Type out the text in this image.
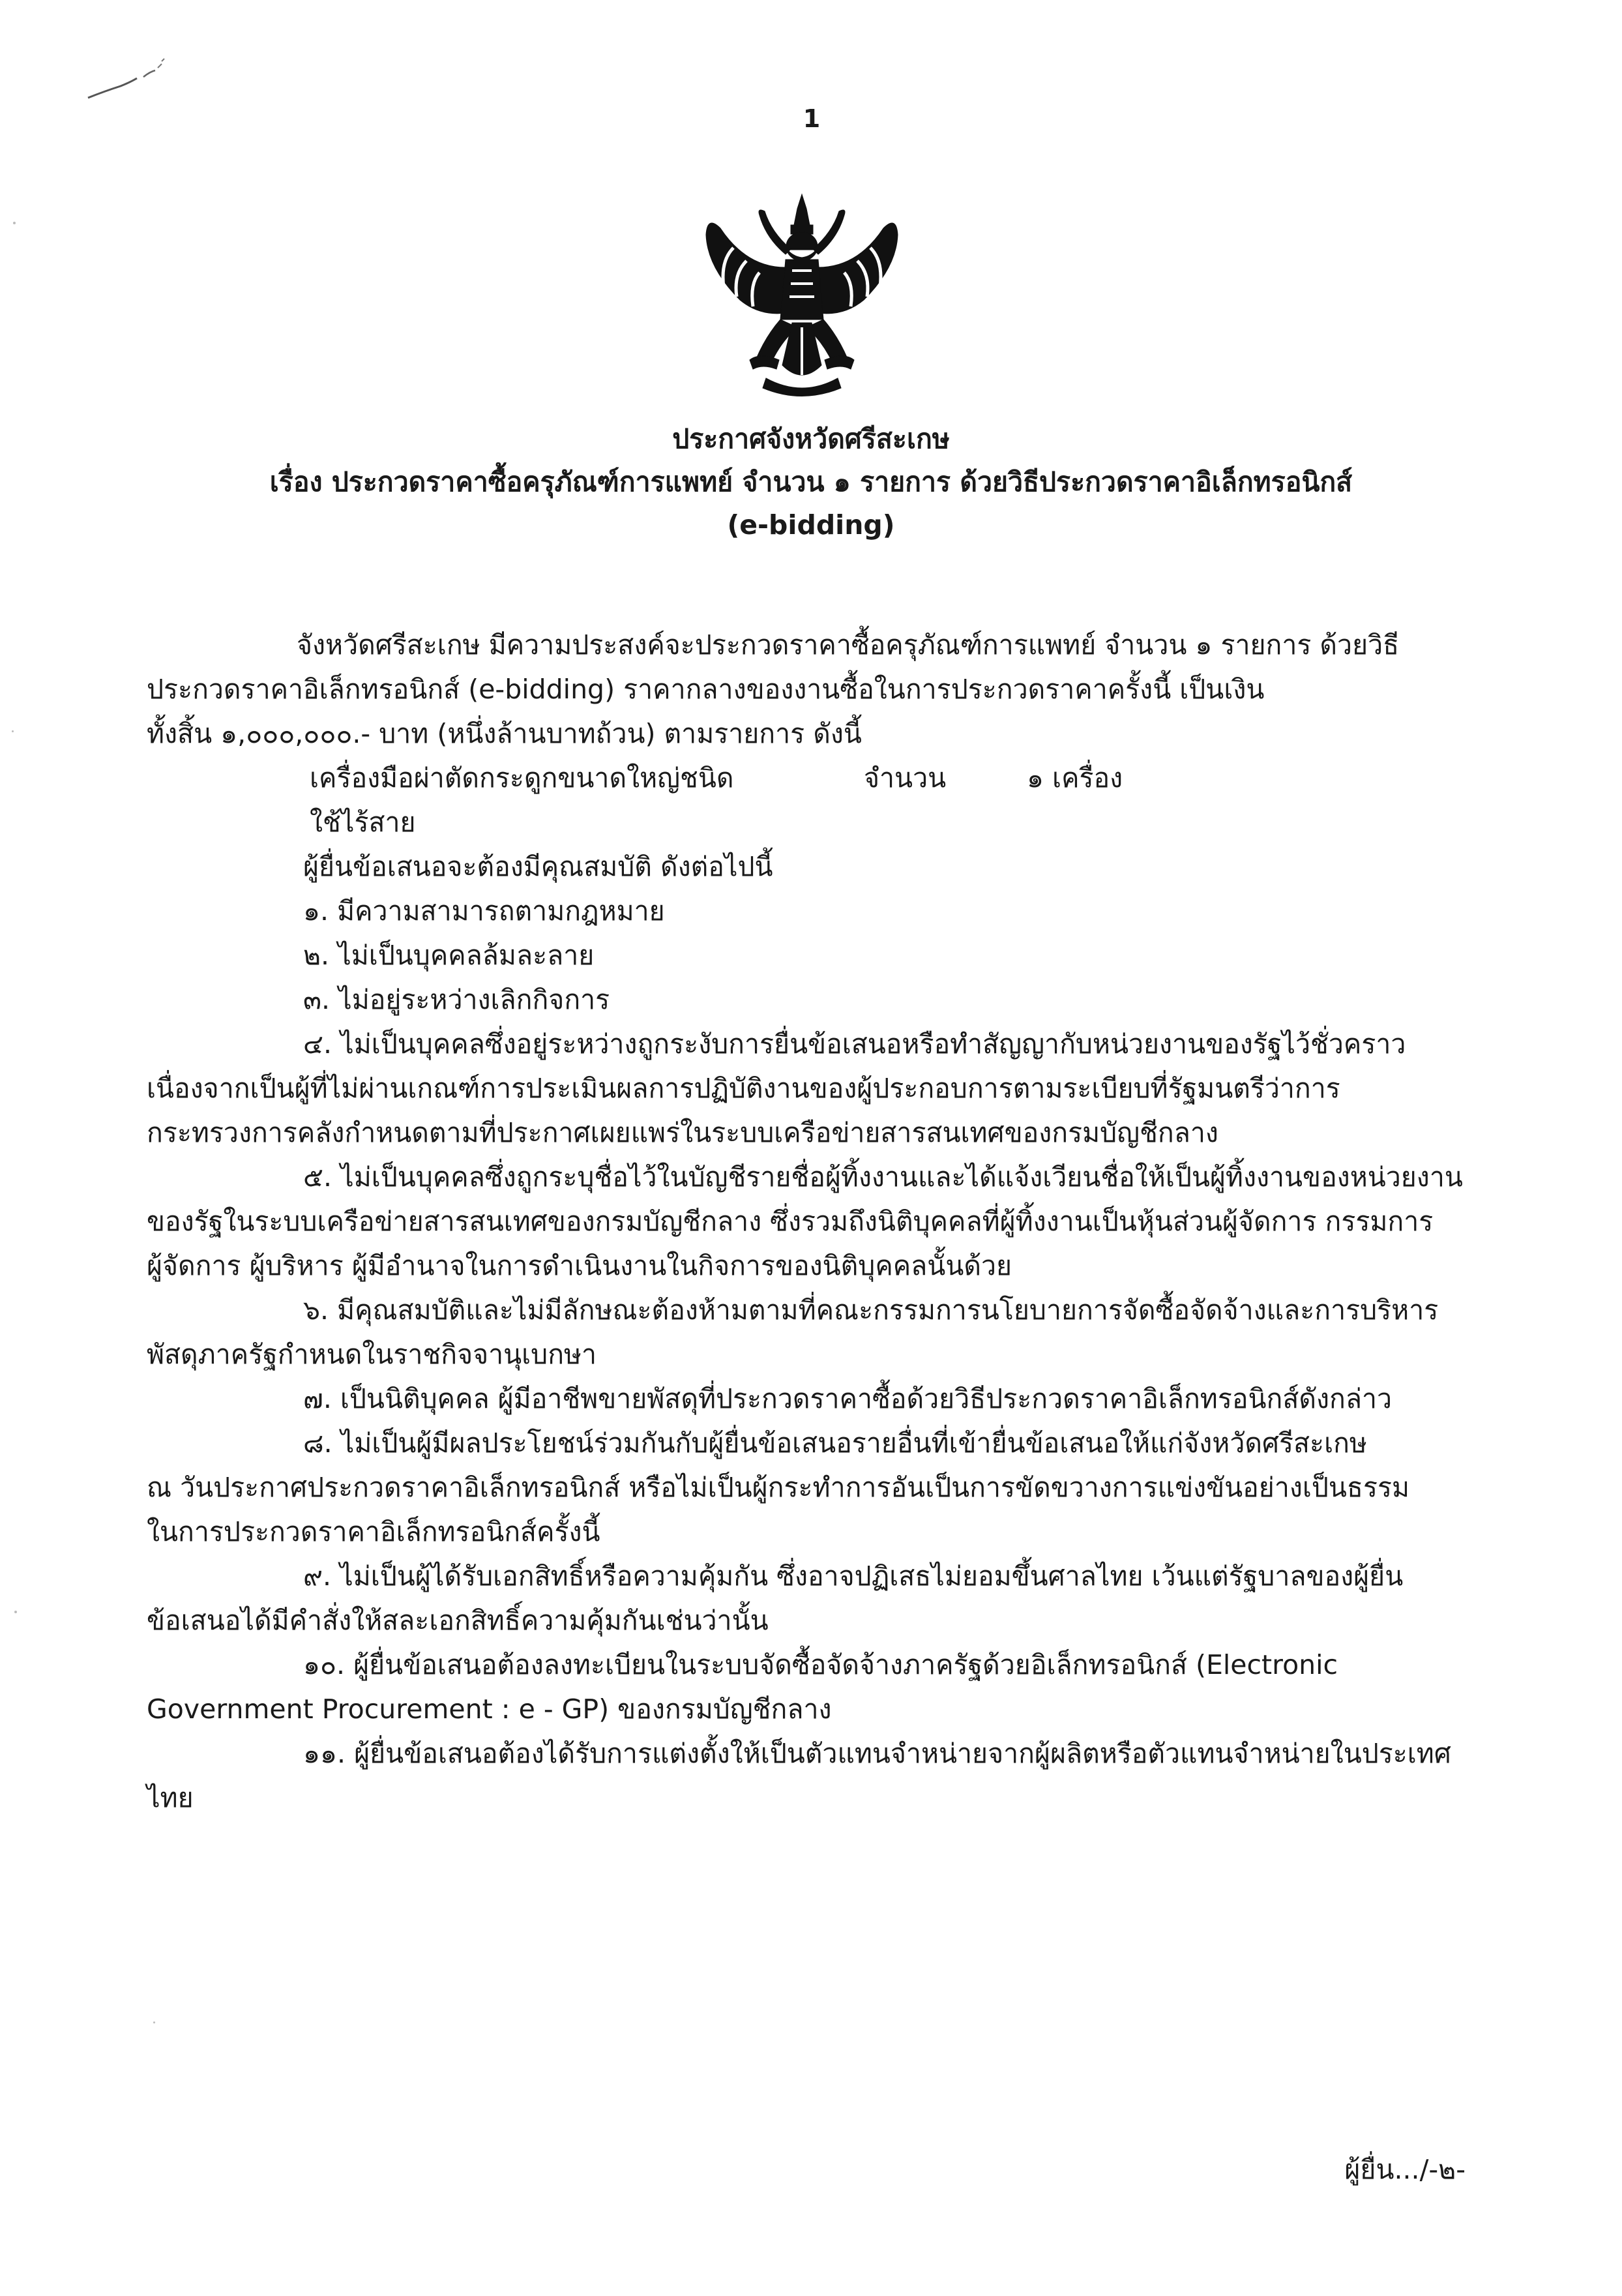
1
ประกาศจังหวัดศรีสะเกษ
เรื่อง ประกวดราคาซื้อครุภัณฑ์การแพทย์ จำนวน ๑ รายการ ด้วยวิธีประกวดราคาอิเล็กทรอนิกส์
(e-bidding)
จังหวัดศรีสะเกษ มีความประสงค์จะประกวดราคาซื้อครุภัณฑ์การแพทย์ จำนวน ๑ รายการ ด้วยวิธี
ประกวดราคาอิเล็กทรอนิกส์ (e-bidding) ราคากลางของงานซื้อในการประกวดราคาครั้งนี้ เป็นเงิน
ทั้งสิ้น ๑,๐๐๐,๐๐๐.- บาท (หนึ่งล้านบาทถ้วน) ตามรายการ ดังนี้
เครื่องมือผ่าตัดกระดูกขนาดใหญ่ชนิด	จำนวน	๑ เครื่อง
ใช้ไร้สาย
ผู้ยื่นข้อเสนอจะต้องมีคุณสมบัติ ดังต่อไปนี้
๑. มีความสามารถตามกฎหมาย
๒. ไม่เป็นบุคคลล้มละลาย
๓. ไม่อยู่ระหว่างเลิกกิจการ
๔. ไม่เป็นบุคคลซึ่งอยู่ระหว่างถูกระงับการยื่นข้อเสนอหรือทำสัญญากับหน่วยงานของรัฐไว้ชั่วคราว
เนื่องจากเป็นผู้ที่ไม่ผ่านเกณฑ์การประเมินผลการปฏิบัติงานของผู้ประกอบการตามระเบียบที่รัฐมนตรีว่าการ
กระทรวงการคลังกำหนดตามที่ประกาศเผยแพร่ในระบบเครือข่ายสารสนเทศของกรมบัญชีกลาง
๕. ไม่เป็นบุคคลซึ่งถูกระบุชื่อไว้ในบัญชีรายชื่อผู้ทิ้งงานและได้แจ้งเวียนชื่อให้เป็นผู้ทิ้งงานของหน่วยงาน
ของรัฐในระบบเครือข่ายสารสนเทศของกรมบัญชีกลาง ซึ่งรวมถึงนิติบุคคลที่ผู้ทิ้งงานเป็นหุ้นส่วนผู้จัดการ กรรมการ
ผู้จัดการ ผู้บริหาร ผู้มีอำนาจในการดำเนินงานในกิจการของนิติบุคคลนั้นด้วย
๖. มีคุณสมบัติและไม่มีลักษณะต้องห้ามตามที่คณะกรรมการนโยบายการจัดซื้อจัดจ้างและการบริหาร
พัสดุภาครัฐกำหนดในราชกิจจานุเบกษา
๗. เป็นนิติบุคคล ผู้มีอาชีพขายพัสดุที่ประกวดราคาซื้อด้วยวิธีประกวดราคาอิเล็กทรอนิกส์ดังกล่าว
๘. ไม่เป็นผู้มีผลประโยชน์ร่วมกันกับผู้ยื่นข้อเสนอรายอื่นที่เข้ายื่นข้อเสนอให้แก่จังหวัดศรีสะเกษ
ณ วันประกาศประกวดราคาอิเล็กทรอนิกส์ หรือไม่เป็นผู้กระทำการอันเป็นการขัดขวางการแข่งขันอย่างเป็นธรรม
ในการประกวดราคาอิเล็กทรอนิกส์ครั้งนี้
๙. ไม่เป็นผู้ได้รับเอกสิทธิ์หรือความคุ้มกัน ซึ่งอาจปฏิเสธไม่ยอมขึ้นศาลไทย เว้นแต่รัฐบาลของผู้ยื่น
ข้อเสนอได้มีคำสั่งให้สละเอกสิทธิ์ความคุ้มกันเช่นว่านั้น
๑๐. ผู้ยื่นข้อเสนอต้องลงทะเบียนในระบบจัดซื้อจัดจ้างภาครัฐด้วยอิเล็กทรอนิกส์ (Electronic
Government Procurement : e - GP) ของกรมบัญชีกลาง
๑๑. ผู้ยื่นข้อเสนอต้องได้รับการแต่งตั้งให้เป็นตัวแทนจำหน่ายจากผู้ผลิตหรือตัวแทนจำหน่ายในประเทศ
ไทย
ผู้ยื่น.../-๒-
